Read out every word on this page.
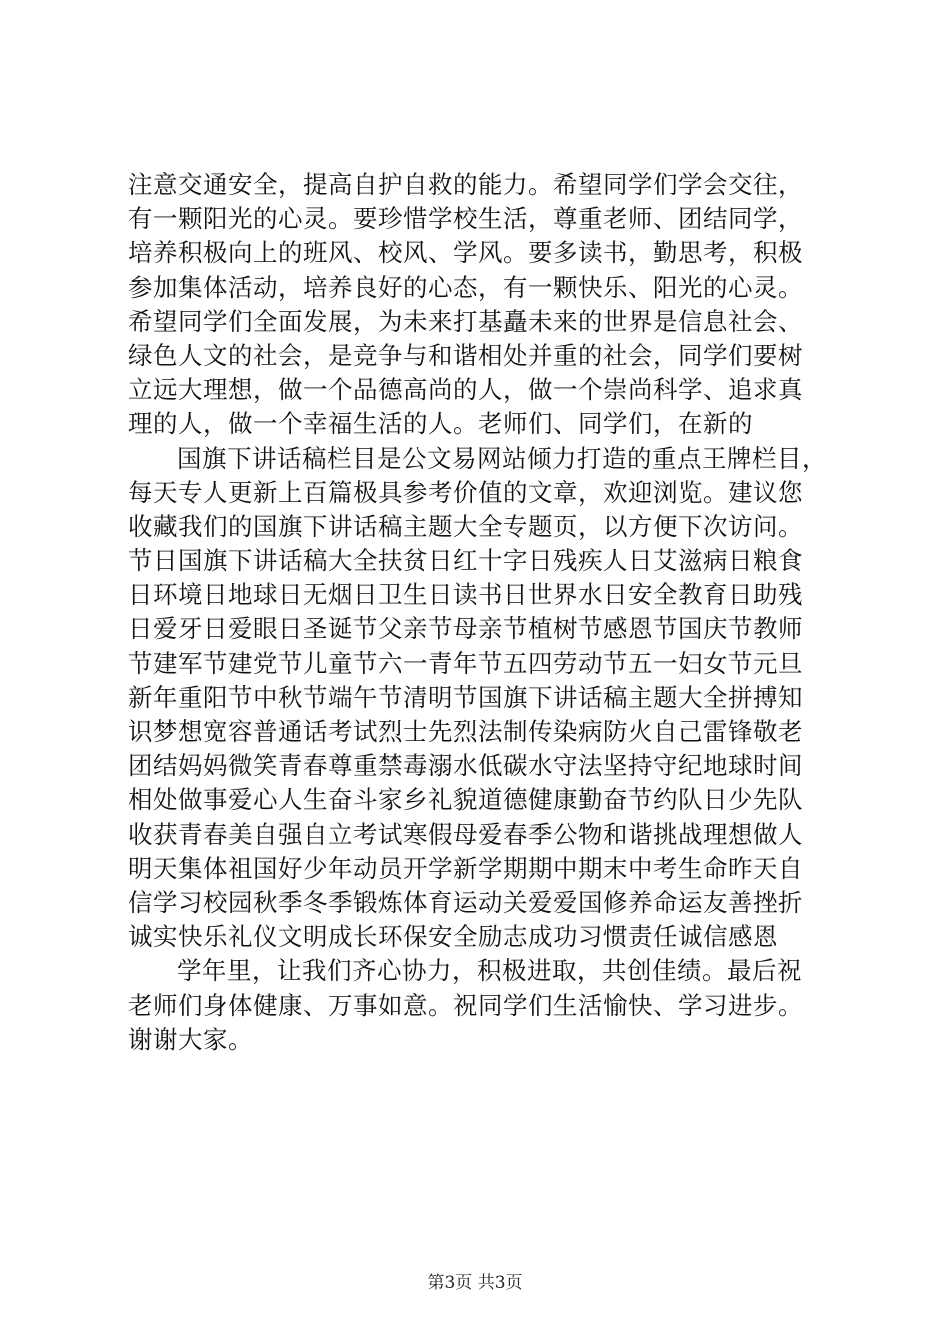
注意交通安全，提高自护自救的能力。希望同学们学会交往，
有一颗阳光的心灵。要珍惜学校生活，尊重老师、团结同学，
培养积极向上的班风、校风、学风。要多读书，勤思考，积极
参加集体活动，培养良好的心态，有一颗快乐、阳光的心灵。
希望同学们全面发展，为未来打基矗未来的世界是信息社会、
绿色人文的社会，是竞争与和谐相处并重的社会，同学们要树
立远大理想，做一个品德高尚的人，做一个崇尚科学、追求真
理的人，做一个幸福生活的人。老师们、同学们，在新的
国旗下讲话稿栏目是公文易网站倾力打造的重点王牌栏目，
每天专人更新上百篇极具参考价值的文章，欢迎浏览。建议您
收藏我们的国旗下讲话稿主题大全专题页，以方便下次访问。
节日国旗下讲话稿大全扶贫日红十字日残疾人日艾滋病日粮食
日环境日地球日无烟日卫生日读书日世界水日安全教育日助残
日爱牙日爱眼日圣诞节父亲节母亲节植树节感恩节国庆节教师
节建军节建党节儿童节六一青年节五四劳动节五一妇女节元旦
新年重阳节中秋节端午节清明节国旗下讲话稿主题大全拼搏知
识梦想宽容普通话考试烈士先烈法制传染病防火自己雷锋敬老
团结妈妈微笑青春尊重禁毒溺水低碳水守法坚持守纪地球时间
相处做事爱心人生奋斗家乡礼貌道德健康勤奋节约队日少先队
收获青春美自强自立考试寒假母爱春季公物和谐挑战理想做人
明天集体祖国好少年动员开学新学期期中期末中考生命昨天自
信学习校园秋季冬季锻炼体育运动关爱爱国修养命运友善挫折
诚实快乐礼仪文明成长环保安全励志成功习惯责任诚信感恩
学年里，让我们齐心协力，积极进取，共创佳绩。最后祝
老师们身体健康、万事如意。祝同学们生活愉快、学习进步。
谢谢大家。
第3页 共3页
